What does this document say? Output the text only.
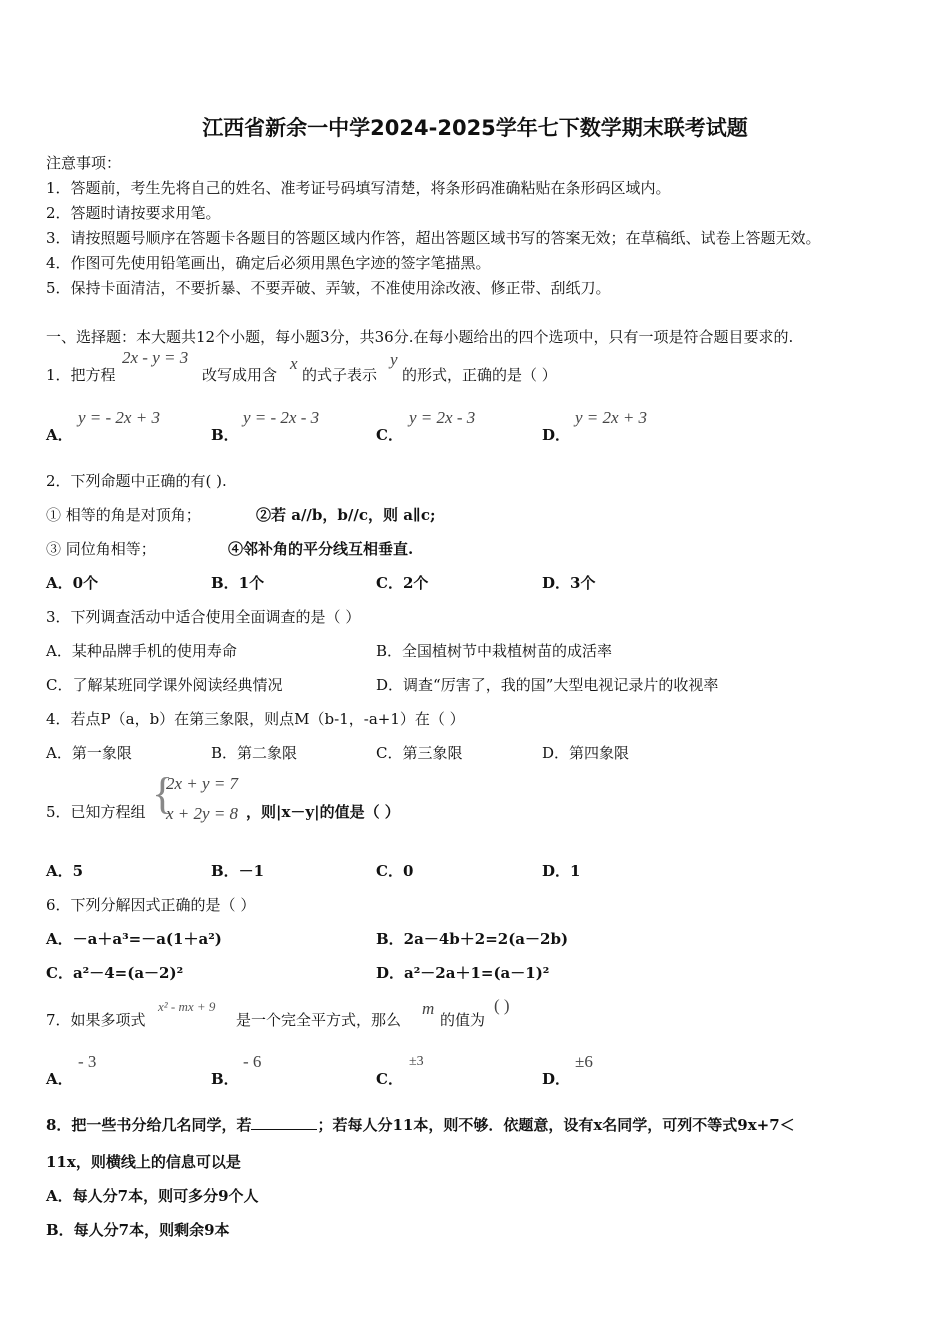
江西省新余一中学2024-2025学年七下数学期末联考试题
注意事项：
1．答题前，考生先将自己的姓名、准考证号码填写清楚，将条形码准确粘贴在条形码区域内。
2．答题时请按要求用笔。
3．请按照题号顺序在答题卡各题目的答题区域内作答，超出答题区域书写的答案无效；在草稿纸、试卷上答题无效。
4．作图可先使用铅笔画出，确定后必须用黑色字迹的签字笔描黑。
5．保持卡面清洁，不要折暴、不要弄破、弄皱，不准使用涂改液、修正带、刮纸刀。
一、选择题：本大题共12个小题，每小题3分，共36分.在每小题给出的四个选项中，只有一项是符合题目要求的.
1．把方程
2x - y = 3
改写成用含
x
的式子表示
y
的形式，正确的是（ ）
A．
y = - 2x + 3
B．
y = - 2x - 3
C．
y = 2x - 3
D．
y = 2x + 3
2．下列命题中正确的有( ).
① 相等的角是对顶角；	②若 a//b，b//c，则 a∥c;
③ 同位角相等；	④邻补角的平分线互相垂直.
A．0个	B．1个	C．2个	D．3个
3．下列调查活动中适合使用全面调查的是（ ）
A．某种品牌手机的使用寿命	B．全国植树节中栽植树苗的成活率
C．了解某班同学课外阅读经典情况	D．调查“厉害了，我的国”大型电视记录片的收视率
4．若点P（a，b）在第三象限，则点M（b-1，-a+1）在（ ）
A．第一象限	B．第二象限	C．第三象限	D．第四象限
5．已知方程组 {
2x + y = 7
x + 2y = 8 ，则|x－y|的值是（ ）
A．5	B．－1	C．0	D．1
6．下列分解因式正确的是（ ）
A．－a＋a³=－a(1＋a²)	B．2a－4b＋2=2(a－2b)
C．a²－4=(a－2)²	D．a²－2a＋1=(a－1)²
7．如果多项式
x² - mx + 9
是一个完全平方式，那么
m
的值为
( )
A．
- 3
B．
- 6
C．
±3
D．
±6
8．把一些书分给几名同学，若	；若每人分11本，则不够．依题意，设有x名同学，可列不等式9x+7＜
11x，则横线上的信息可以是
A．每人分7本，则可多分9个人
B．每人分7本，则剩余9本
